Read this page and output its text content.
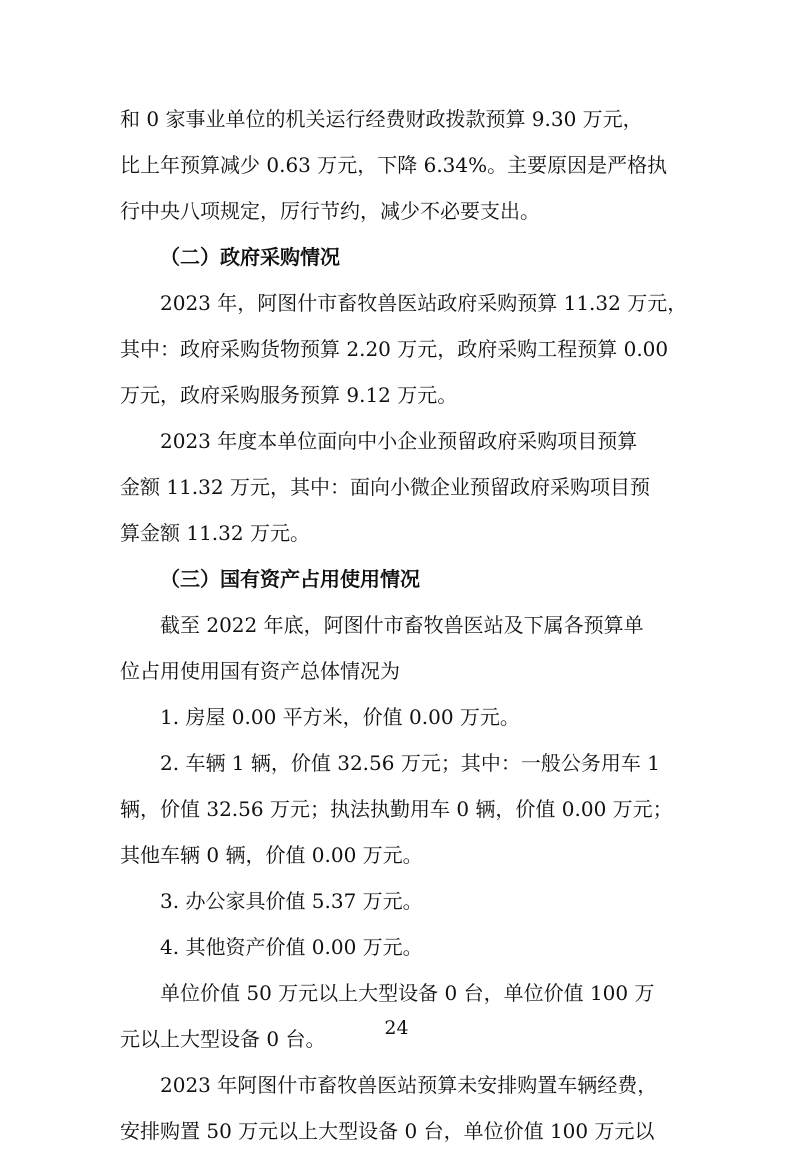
和 0 家事业单位的机关运行经费财政拨款预算 9.30 万元，
比上年预算减少 0.63 万元，下降 6.34%。主要原因是严格执
行中央八项规定，厉行节约，减少不必要支出。
（二）政府采购情况
2023 年，阿图什市畜牧兽医站政府采购预算 11.32 万元，
其中：政府采购货物预算 2.20 万元，政府采购工程预算 0.00
万元，政府采购服务预算 9.12 万元。
2023 年度本单位面向中小企业预留政府采购项目预算
金额 11.32 万元，其中：面向小微企业预留政府采购项目预
算金额 11.32 万元。
（三）国有资产占用使用情况
截至 2022 年底，阿图什市畜牧兽医站及下属各预算单
位占用使用国有资产总体情况为
1. 房屋 0.00 平方米，价值 0.00 万元。
2. 车辆 1 辆，价值 32.56 万元；其中：一般公务用车 1
辆，价值 32.56 万元；执法执勤用车 0 辆，价值 0.00 万元；
其他车辆 0 辆，价值 0.00 万元。
3. 办公家具价值 5.37 万元。
4. 其他资产价值 0.00 万元。
单位价值 50 万元以上大型设备 0 台，单位价值 100 万
元以上大型设备 0 台。
2023 年阿图什市畜牧兽医站预算未安排购置车辆经费，
安排购置 50 万元以上大型设备 0 台，单位价值 100 万元以
24
